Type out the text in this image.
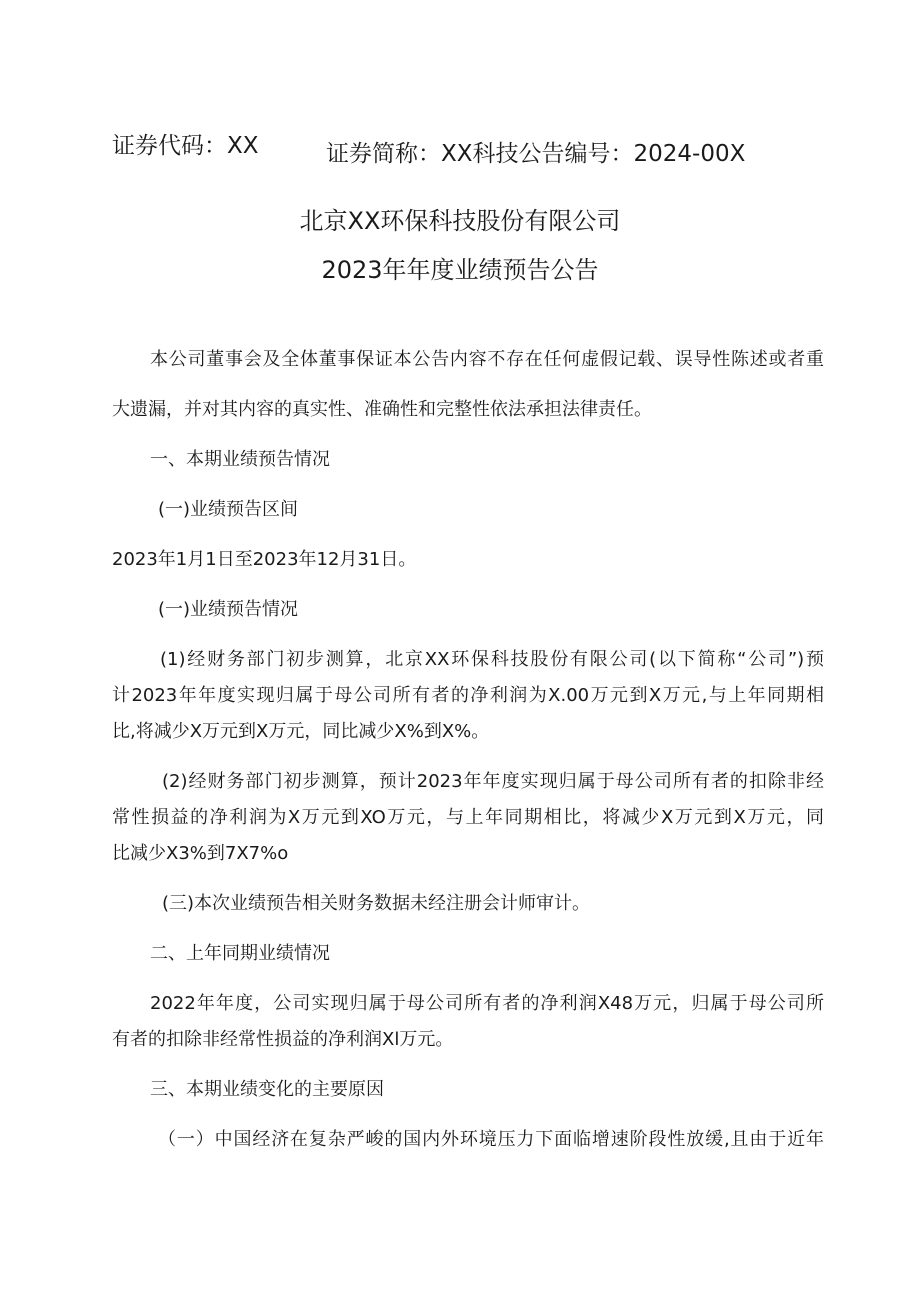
证券代码：XX	证券简称：XX科技公告编号：2024-00X
北京XX环保科技股份有限公司
2023年年度业绩预告公告

本公司董事会及全体董事保证本公告内容不存在任何虚假记载、误导性陈述或者重
大遗漏，并对其内容的真实性、准确性和完整性依法承担法律责任。

一、本期业绩预告情况

(一)业绩预告区间

2023年1月1日至2023年12月31日。

(一)业绩预告情况

(1)经财务部门初步测算，北京XX环保科技股份有限公司(以下简称“公司”)预
计2023年年度实现归属于母公司所有者的净利润为X.00万元到X万元,与上年同期相
比,将减少X万元到X万元，同比减少X%到X%。

(2)经财务部门初步测算，预计2023年年度实现归属于母公司所有者的扣除非经
常性损益的净利润为X万元到XO万元，与上年同期相比，将减少X万元到X万元，同
比减少X3%到7X7%o

(三)本次业绩预告相关财务数据未经注册会计师审计。

二、上年同期业绩情况

2022年年度，公司实现归属于母公司所有者的净利润X48万元，归属于母公司所
有者的扣除非经常性损益的净利润Xl万元。

三、本期业绩变化的主要原因

（一）中国经济在复杂严峻的国内外环境压力下面临增速阶段性放缓,且由于近年
